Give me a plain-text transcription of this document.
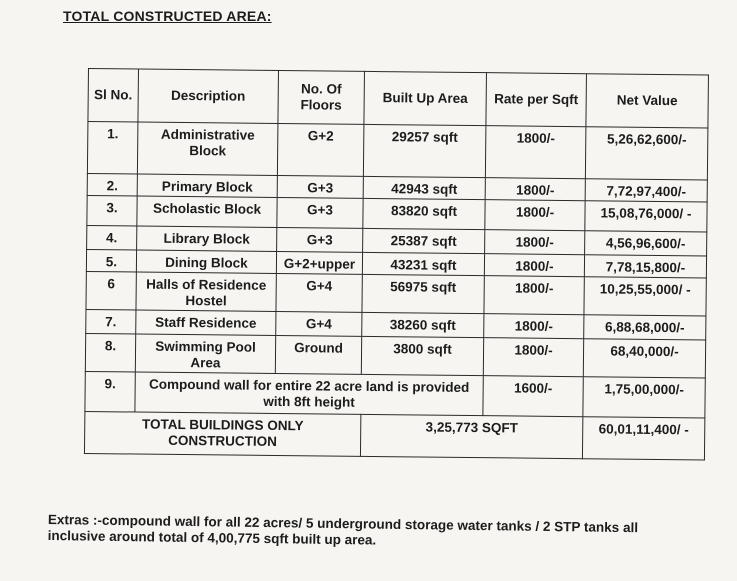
TOTAL CONSTRUCTED AREA:
Sl No.	Description	No. Of Floors	Built Up Area	Rate per Sqft	Net Value
1.	Administrative Block	G+2	29257 sqft	1800/-	5,26,62,600/-
2.	Primary Block	G+3	42943 sqft	1800/-	7,72,97,400/-
3.	Scholastic Block	G+3	83820 sqft	1800/-	15,08,76,000/ -
4.	Library Block	G+3	25387 sqft	1800/-	4,56,96,600/-
5.	Dining Block	G+2+upper	43231 sqft	1800/-	7,78,15,800/-
6	Halls of Residence Hostel	G+4	56975 sqft	1800/-	10,25,55,000/ -
7.	Staff Residence	G+4	38260 sqft	1800/-	6,88,68,000/-
8.	Swimming Pool Area	Ground	3800 sqft	1800/-	68,40,000/-
9.	Compound wall for entire 22 acre land is provided with 8ft height			1600/-	1,75,00,000/-
TOTAL BUILDINGS ONLY CONSTRUCTION			3,25,773 SQFT		60,01,11,400/ -
Extras :-compound wall for all 22 acres/ 5 underground storage water tanks / 2 STP tanks all inclusive around total of 4,00,775 sqft built up area.
